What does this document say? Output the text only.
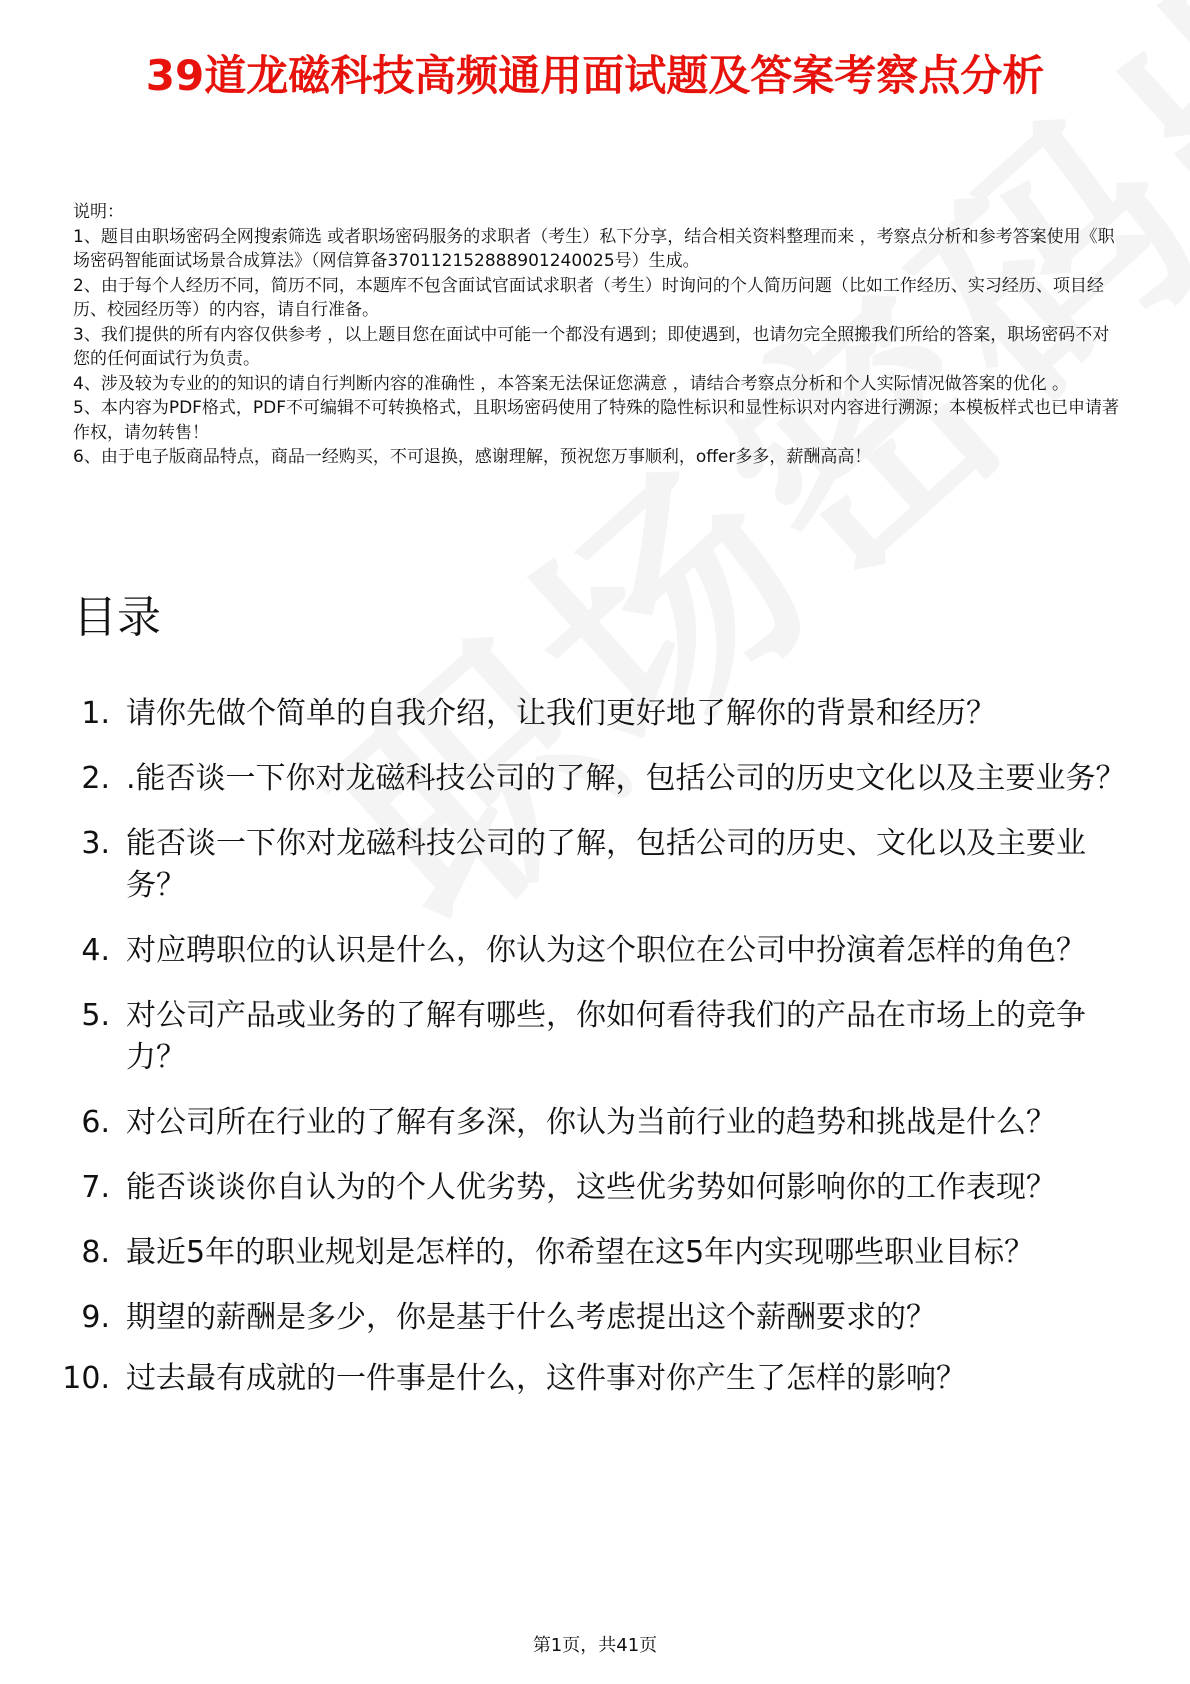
39道龙磁科技高频通用面试题及答案考察点分析

说明：

1、题目由职场密码全网搜索筛选 或者职场密码服务的求职者（考生）私下分享，结合相关资料整理而来 ，考察点分析和参考答案使用《职场密码智能面试场景合成算法》（网信算备370112152888901240025号）生成。

2、由于每个人经历不同，简历不同，本题库不包含面试官面试求职者（考生）时询问的个人简历问题（比如工作经历、实习经历、项目经历、校园经历等）的内容，请自行准备。

3、我们提供的所有内容仅供参考 ，以上题目您在面试中可能一个都没有遇到；即使遇到，也请勿完全照搬我们所给的答案，职场密码不对您的任何面试行为负责。

4、涉及较为专业的的知识的请自行判断内容的准确性 ，本答案无法保证您满意 ，请结合考察点分析和个人实际情况做答案的优化 。

5、本内容为PDF格式，PDF不可编辑不可转换格式，且职场密码使用了特殊的隐性标识和显性标识对内容进行溯源；本模板样式也已申请著作权，请勿转售！

6、由于电子版商品特点，商品一经购买，不可退换，感谢理解，预祝您万事顺利，offer多多，薪酬高高！

目录
1. 请你先做个简单的自我介绍，让我们更好地了解你的背景和经历？
2. .能否谈一下你对龙磁科技公司的了解，包括公司的历史文化以及主要业务？
3. 能否谈一下你对龙磁科技公司的了解，包括公司的历史、文化以及主要业务？
4. 对应聘职位的认识是什么，你认为这个职位在公司中扮演着怎样的角色？
5. 对公司产品或业务的了解有哪些，你如何看待我们的产品在市场上的竞争力？
6. 对公司所在行业的了解有多深，你认为当前行业的趋势和挑战是什么？
7. 能否谈谈你自认为的个人优劣势，这些优劣势如何影响你的工作表现？
8. 最近5年的职业规划是怎样的，你希望在这5年内实现哪些职业目标？
9. 期望的薪酬是多少，你是基于什么考虑提出这个薪酬要求的？
10. 过去最有成就的一件事是什么，这件事对你产生了怎样的影响？
第1页，共41页
